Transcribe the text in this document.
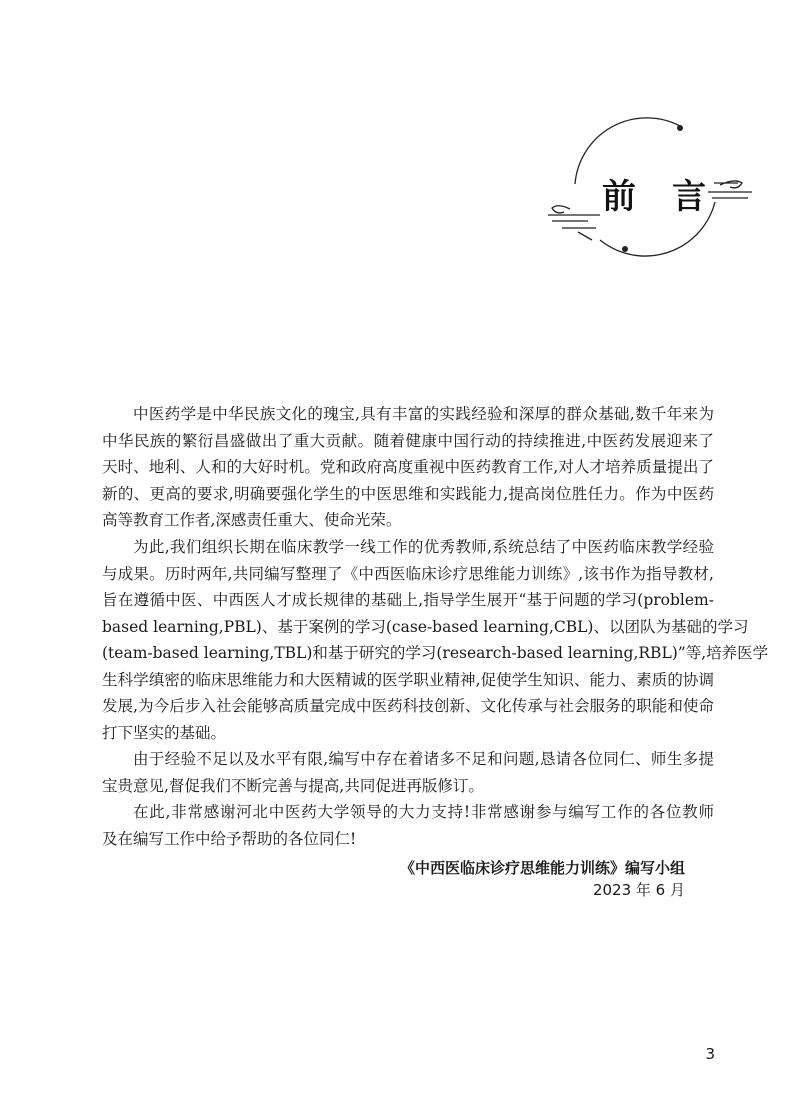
前 言
中医药学是中华民族文化的瑰宝,具有丰富的实践经验和深厚的群众基础,数千年来为
中华民族的繁衍昌盛做出了重大贡献。随着健康中国行动的持续推进,中医药发展迎来了
天时、地利、人和的大好时机。党和政府高度重视中医药教育工作,对人才培养质量提出了
新的、更高的要求,明确要强化学生的中医思维和实践能力,提高岗位胜任力。作为中医药
高等教育工作者,深感责任重大、使命光荣。
为此,我们组织长期在临床教学一线工作的优秀教师,系统总结了中医药临床教学经验
与成果。历时两年,共同编写整理了《中西医临床诊疗思维能力训练》,该书作为指导教材,
旨在遵循中医、中西医人才成长规律的基础上,指导学生展开“基于问题的学习(problem-
based learning,PBL)、基于案例的学习(case-based learning,CBL)、以团队为基础的学习
(team-based learning,TBL)和基于研究的学习(research-based learning,RBL)”等,培养医学
生科学缜密的临床思维能力和大医精诚的医学职业精神,促使学生知识、能力、素质的协调
发展,为今后步入社会能够高质量完成中医药科技创新、文化传承与社会服务的职能和使命
打下坚实的基础。
由于经验不足以及水平有限,编写中存在着诸多不足和问题,恳请各位同仁、师生多提
宝贵意见,督促我们不断完善与提高,共同促进再版修订。
在此,非常感谢河北中医药大学领导的大力支持!非常感谢参与编写工作的各位教师
及在编写工作中给予帮助的各位同仁!

《中西医临床诊疗思维能力训练》编写小组

2023 年 6 月

3
